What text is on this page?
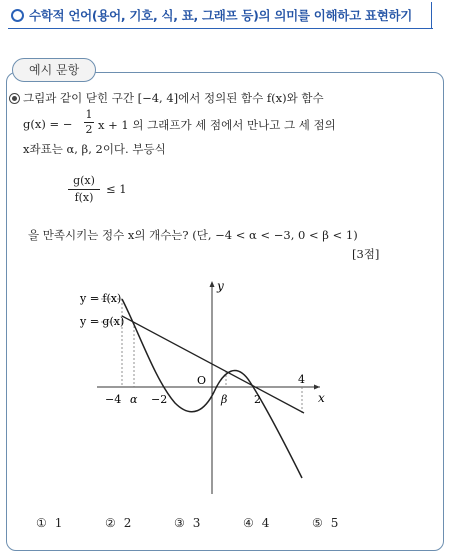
수학적 언어(용어, 기호, 식, 표, 그래프 등)의 의미를 이해하고 표현하기
예시 문항
그림과 같이 닫힌 구간 [−4, 4]에서 정의된 함수 f(x)와 함수
g(x) = −
1
2 x + 1 의 그래프가 세 점에서 만나고 그 세 점의
x좌표는 α, β, 2이다. 부등식
g(x)
f(x)
≤ 1
을 만족시키는 정수 x의 개수는? (단, −4 < α < −3, 0 < β < 1)
[3점]
y = f(x)
y = g(x)
y
x
O
−4 α −2	β 2
4
① 1	② 2	③ 3	④ 4	⑤ 5
